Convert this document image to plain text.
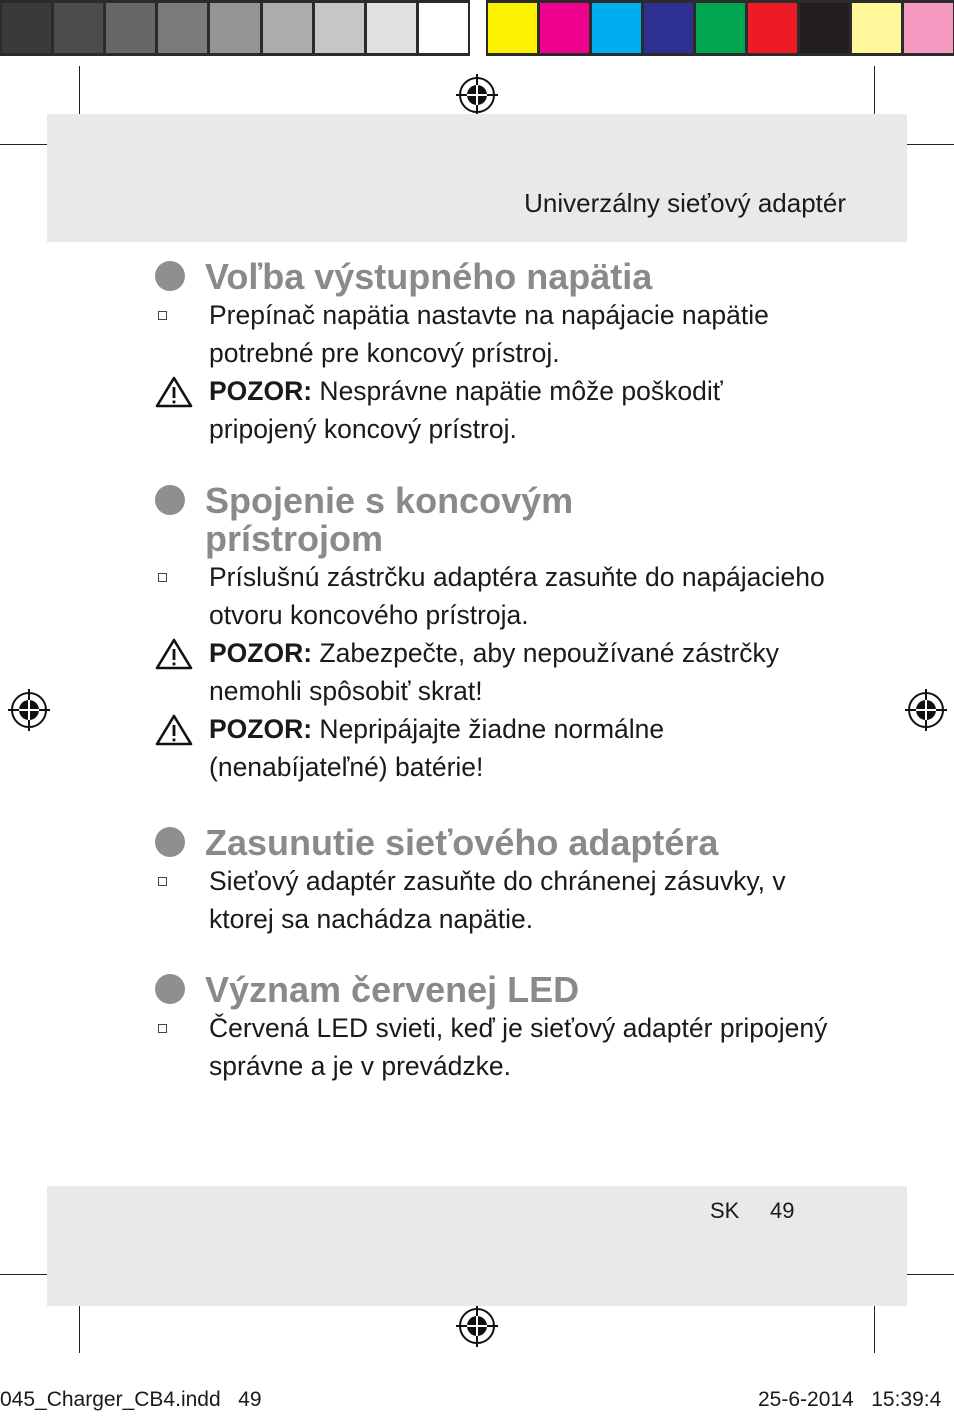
Univerzálny sieťový adaptér
Voľba výstupného napätia
Prepínač napätia nastavte na napájacie napätie potrebné pre koncový prístroj.
POZOR: Nesprávne napätie môže poškodiť pripojený koncový prístroj.
Spojenie s koncovým
prístrojom
Príslušnú zástrčku adaptéra zasuňte do napájacieho otvoru koncového prístroja.
POZOR: Zabezpečte, aby nepoužívané zástrčky nemohli spôsobiť skrat!
POZOR: Nepripájajte žiadne normálne (nenabíjateľné) batérie!
Zasunutie sieťového adaptéra
Sieťový adaptér zasuňte do chránenej zásuvky, v ktorej sa nachádza napätie.
Význam červenej LED
Červená LED svieti, keď je sieťový adaptér pripojený správne a je v prevádzke.
SK 49
045_Charger_CB4.indd   49	25-6-2014   15:39:4
